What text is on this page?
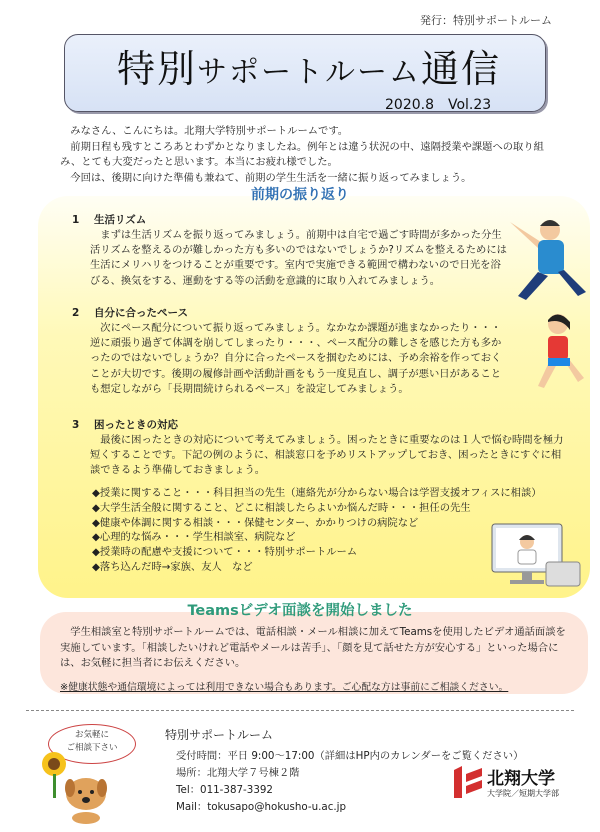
発行：特別サポートルーム
特別サポートルーム通信
2020.8　Vol.23

みなさん、こんにちは。北翔大学特別サポートルームです。

前期日程も残すところあとわずかとなりましたね。例年とは違う状況の中、遠隔授業や課題への取り組み、とても大変だったと思います。本当にお疲れ様でした。

今回は、後期に向けた準備も兼ねて、前期の学生生活を一緒に振り返ってみましょう。

前期の振り返り
1 生活リズム

まずは生活リズムを振り返ってみましょう。前期中は自宅で過ごす時間が多かった分生活リズムを整えるのが難しかった方も多いのではないでしょうか?リズムを整えるためには生活にメリハリをつけることが重要です。室内で実施できる範囲で構わないので日光を浴びる、換気をする、運動をする等の活動を意識的に取り入れてみましょう。

2 自分に合ったペース

次にペース配分について振り返ってみましょう。なかなか課題が進まなかったり・・・逆に頑張り過ぎて体調を崩してしまったり・・・、ペース配分の難しさを感じた方も多かったのではないでしょうか？自分に合ったペースを掴むためには、予め余裕を作っておくことが大切です。後期の履修計画や活動計画をもう一度見直し、調子が悪い日があることも想定しながら「長期間続けられるペース」を設定してみましょう。

3 困ったときの対応

最後に困ったときの対応について考えてみましょう。困ったときに重要なのは１人で悩む時間を極力短くすることです。下記の例のように、相談窓口を予めリストアップしておき、困ったときにすぐに相談できるよう準備しておきましょう。

◆ 授業に関すること・・・科目担当の先生（連絡先が分からない場合は学習支援オフィスに相談）
◆ 大学生活全般に関すること、どこに相談したらよいか悩んだ時・・・担任の先生
◆ 健康や体調に関する相談・・・保健センター、かかりつけの病院など
◆ 心理的な悩み・・・学生相談室、病院など
◆ 授業時の配慮や支援について・・・特別サポートルーム
◆ 落ち込んだ時→家族、友人　など
Teamsビデオ面談を開始しました

学生相談室と特別サポートルームでは、電話相談・メール相談に加えてTeamsを使用したビデオ通話面談を実施しています。「相談したいけれど電話やメールは苦手」、「顔を見て話せた方が安心する」といった場合には、お気軽に担当者にお伝えください。

※健康状態や通信環境によっては利用できない場合もあります。ご心配な方は事前にご相談ください。
お気軽に
ご相談下さい
特別サポートルーム
受付時間：平日 9:00～17:00（詳細はHP内のカレンダーをご覧ください）
場所：北翔大学７号棟２階
Tel：011-387-3392
Mail：tokusapo@hokusho-u.ac.jp
北翔大学
大学院／短期大学部
